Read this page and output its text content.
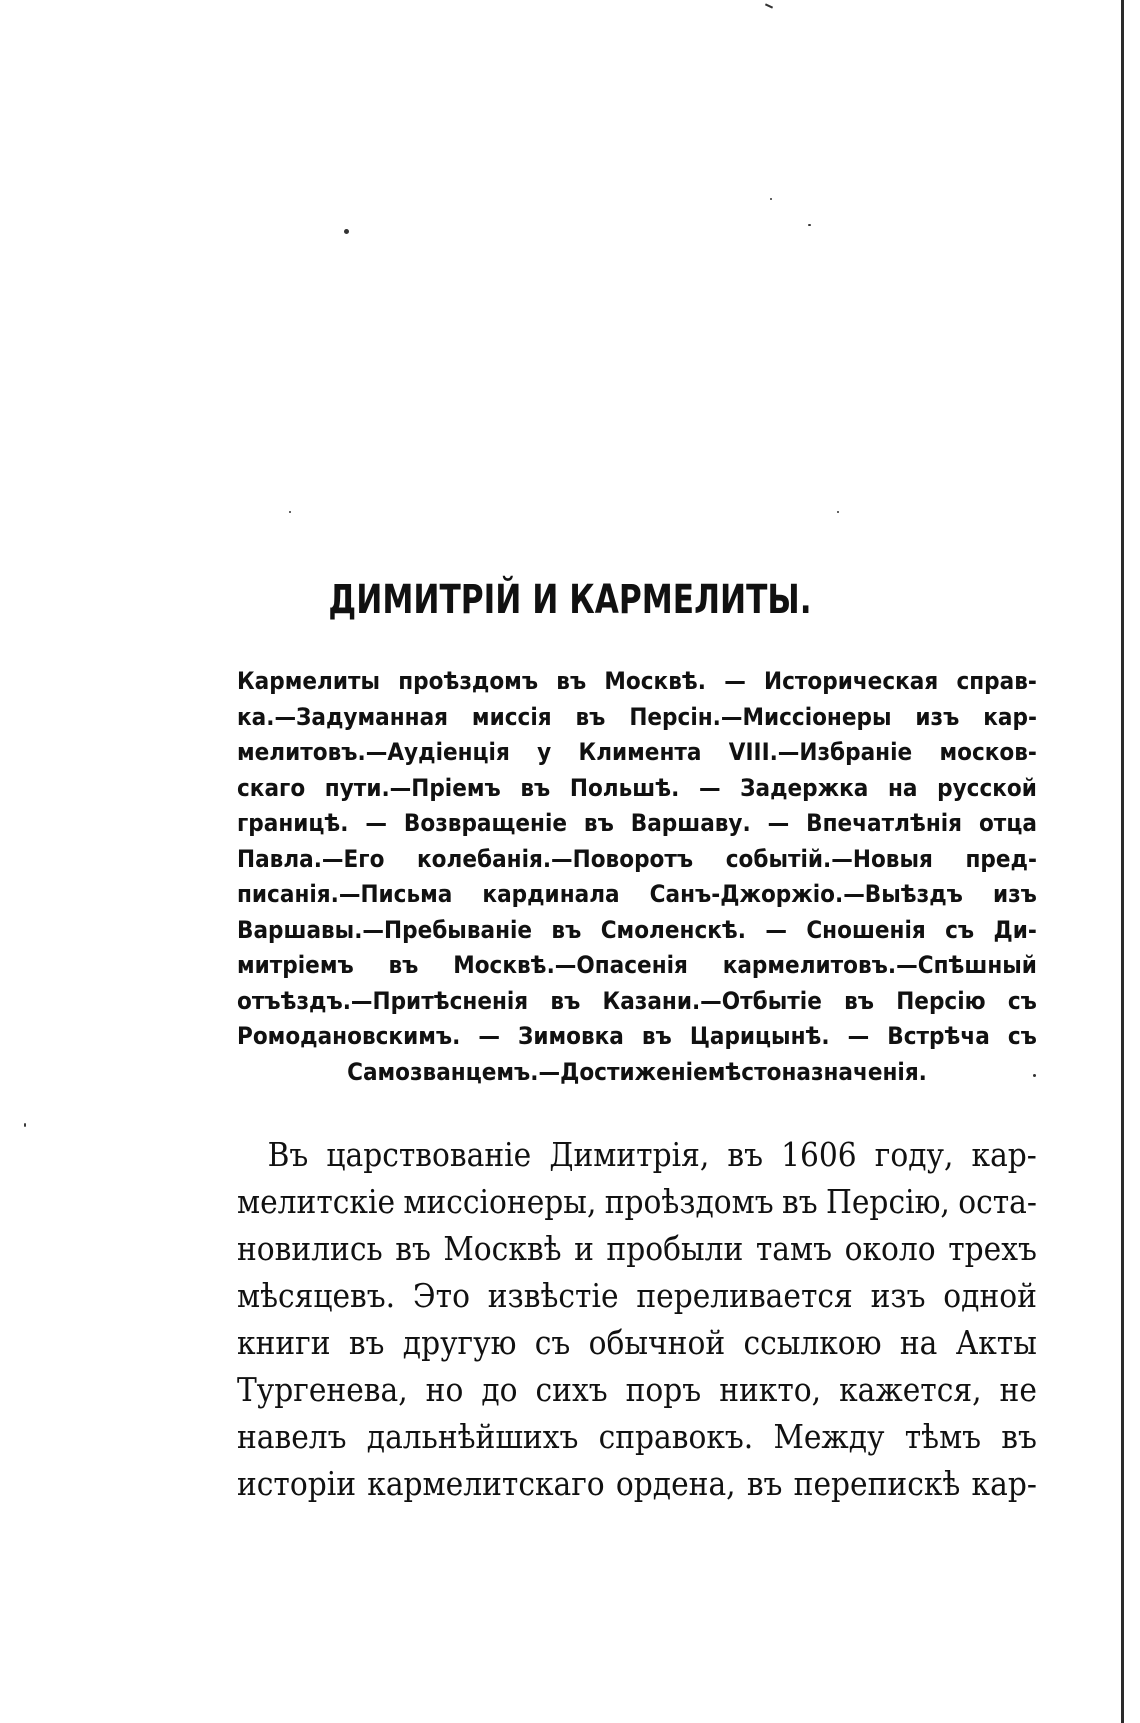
ДИМИТРІЙ И КАРМЕЛИТЫ.
Кармелиты проѣздомъ въ Москвѣ. — Историческая справ-
ка.—Задуманная миссія въ Персін.—Миссіонеры изъ кар-
мелитовъ.—Аудіенція у Климента VIII.—Избраніе москов-
скаго пути.—Пріемъ въ Польшѣ. — Задержка на русской
границѣ. — Возвращеніе въ Варшаву. — Впечатлѣнія отца
Павла.—Его колебанія.—Поворотъ событій.—Новыя пред-
писанія.—Письма кардинала Санъ-Джоржіо.—Выѣздъ изъ
Варшавы.—Пребываніе въ Смоленскѣ. — Сношенія съ Ди-
митріемъ въ Москвѣ.—Опасенія кармелитовъ.—Спѣшный
отъѣздъ.—Притѣсненія въ Казани.—Отбытіе въ Персію съ
Ромодановскимъ. — Зимовка въ Царицынѣ. — Встрѣча съ
Самозванцемъ.—Достиженіе мѣстоназначенія.
Въ царствованіе Димитрія, въ 1606 году, кар-
мелитскіе миссіонеры, проѣздомъ въ Персію, оста-
новились въ Москвѣ и пробыли тамъ около трехъ
мѣсяцевъ. Это извѣстіе переливается изъ одной
книги въ другую съ обычной ссылкою на Акты
Тургенева, но до сихъ поръ никто, кажется, не
навелъ дальнѣйшихъ справокъ. Между тѣмъ въ
исторіи кармелитскаго ордена, въ перепискѣ кар-
